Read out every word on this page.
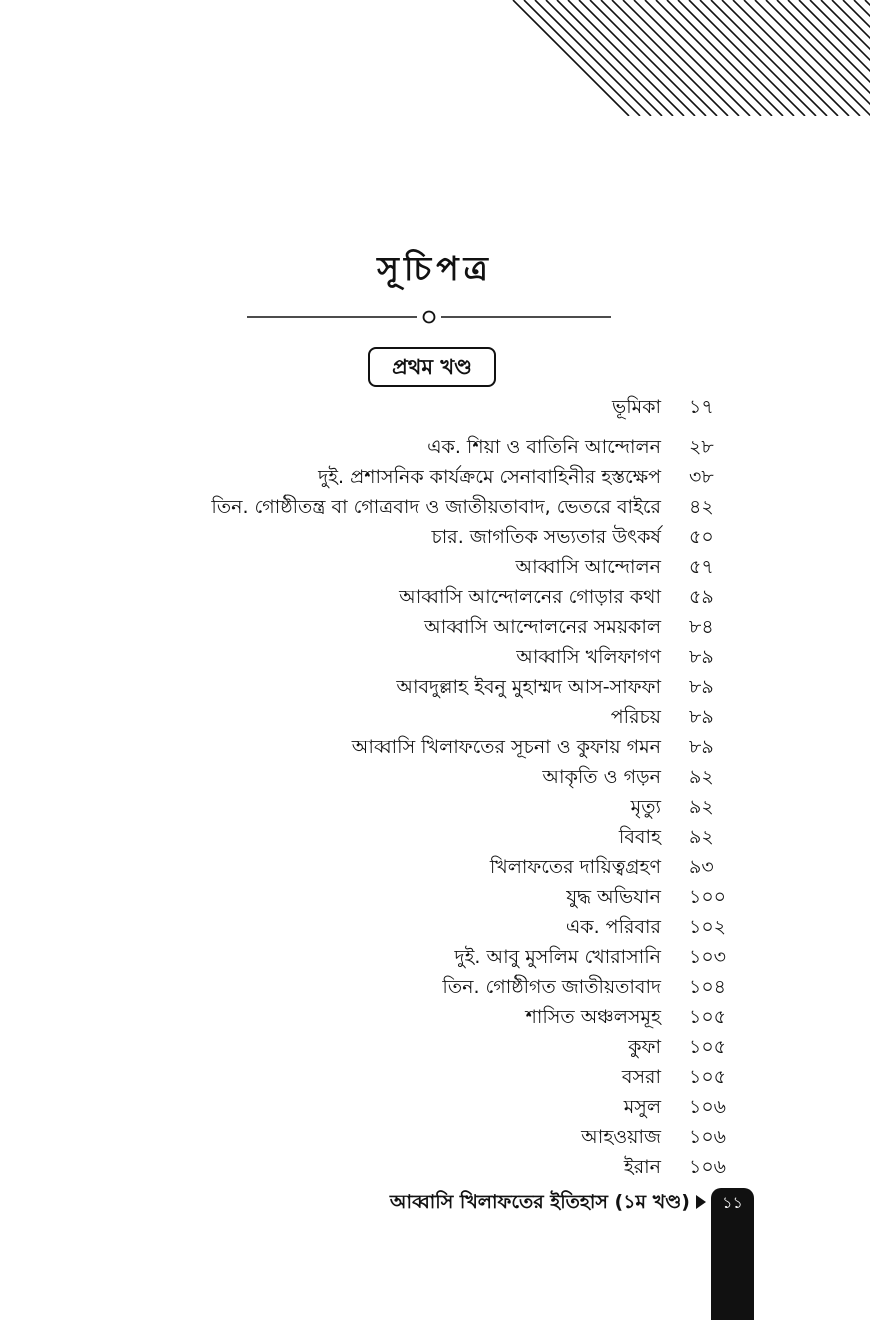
সূচিপত্র
প্রথম খণ্ড
ভূমিকা ১৭
এক. শিয়া ও বাতিনি আন্দোলন ২৮
দুই. প্রশাসনিক কার্যক্রমে সেনাবাহিনীর হস্তক্ষেপ ৩৮
তিন. গোষ্ঠীতন্ত্র বা গোত্রবাদ ও জাতীয়তাবাদ, ভেতরে বাইরে ৪২
চার. জাগতিক সভ্যতার উৎকর্ষ ৫০
আব্বাসি আন্দোলন ৫৭
আব্বাসি আন্দোলনের গোড়ার কথা ৫৯
আব্বাসি আন্দোলনের সময়কাল ৮৪
আব্বাসি খলিফাগণ ৮৯
আবদুল্লাহ ইবনু মুহাম্মদ আস-সাফফা ৮৯
পরিচয় ৮৯
আব্বাসি খিলাফতের সূচনা ও কুফায় গমন ৮৯
আকৃতি ও গড়ন ৯২
মৃত্যু ৯২
বিবাহ ৯২
খিলাফতের দায়িত্বগ্রহণ ৯৩
যুদ্ধ অভিযান ১০০
এক. পরিবার ১০২
দুই. আবু মুসলিম খোরাসানি ১০৩
তিন. গোষ্ঠীগত জাতীয়তাবাদ ১০৪
শাসিত অঞ্চলসমূহ ১০৫
কুফা ১০৫
বসরা ১০৫
মসুল ১০৬
আহওয়াজ ১০৬
ইরান ১০৬
আব্বাসি খিলাফতের ইতিহাস (১ম খণ্ড)	১১
